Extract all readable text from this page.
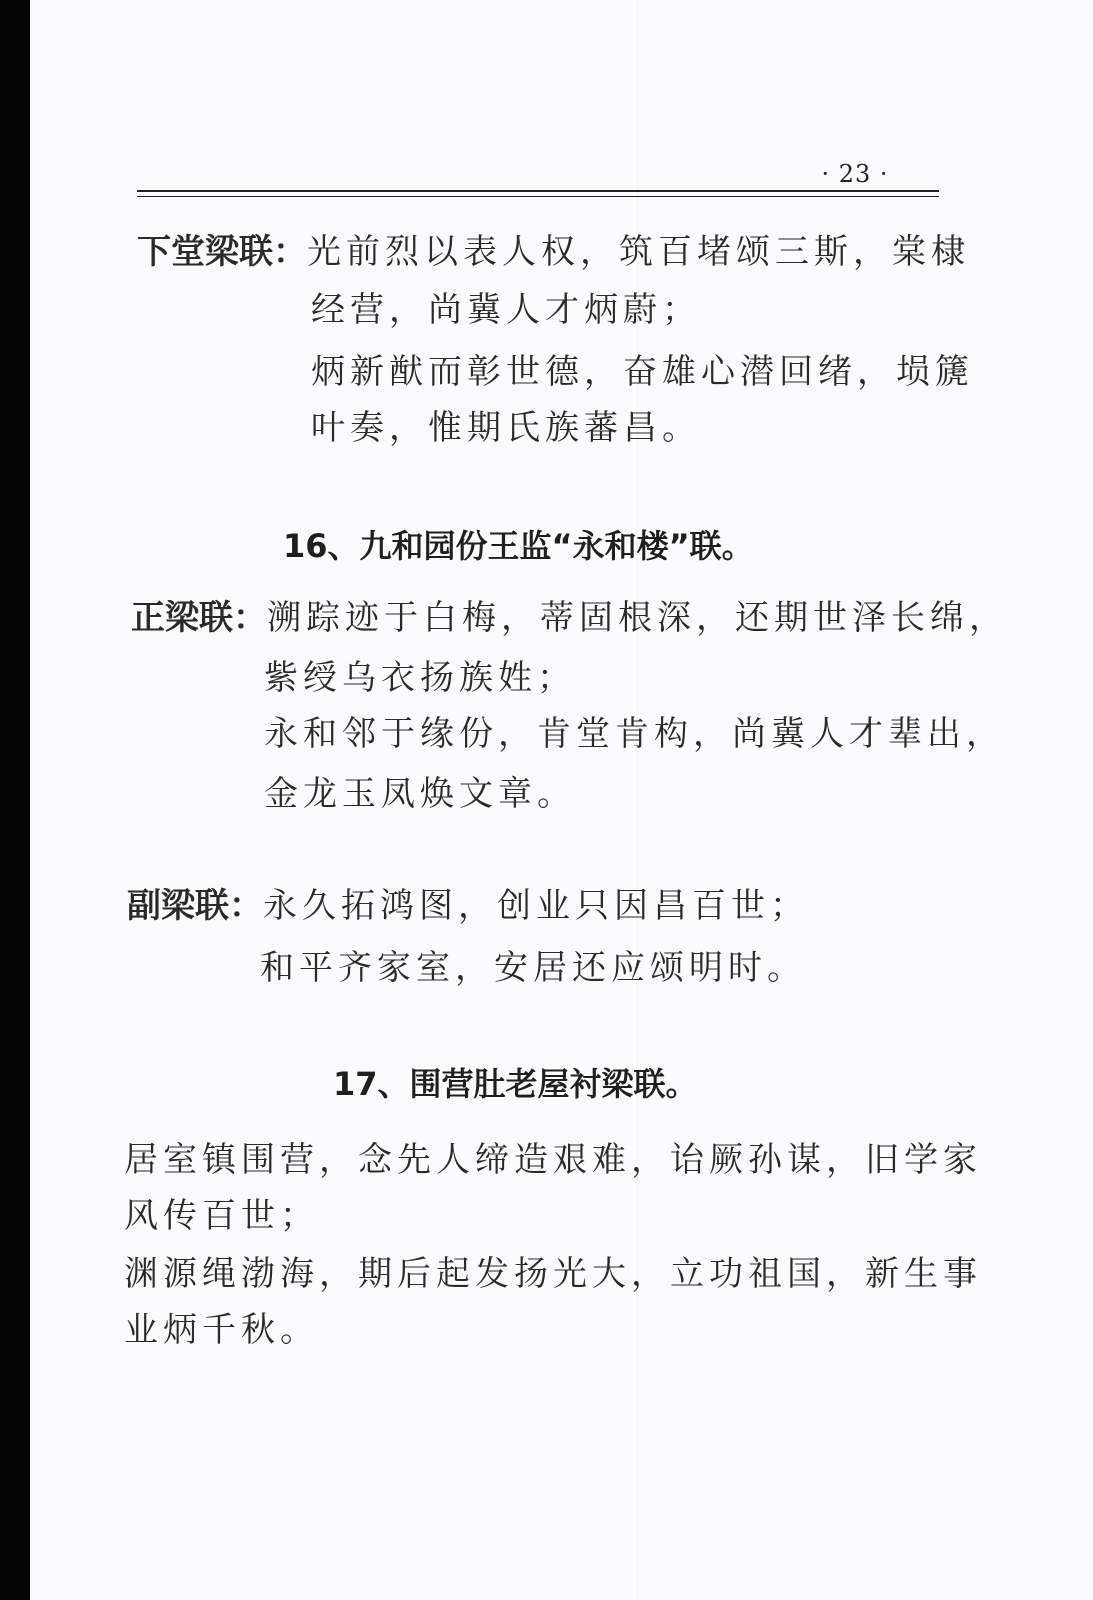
· 23 ·
下堂梁联：光前烈以表人权，筑百堵颂三斯，棠棣
经营，尚冀人才炳蔚；
炳新猷而彰世德，奋雄心潜回绪，埙篪
叶奏，惟期氏族蕃昌。
16、九和园份王监“永和楼”联。
正梁联：溯踪迹于白梅，蒂固根深，还期世泽长绵，
紫绶乌衣扬族姓；
永和邻于缘份，肯堂肯构，尚冀人才辈出，
金龙玉凤焕文章。
副梁联：永久拓鸿图，创业只因昌百世；
和平齐家室，安居还应颂明时。
17、围营肚老屋衬梁联。
居室镇围营，念先人缔造艰难，诒厥孙谋，旧学家
风传百世；
渊源绳渤海，期后起发扬光大，立功祖国，新生事
业炳千秋。
